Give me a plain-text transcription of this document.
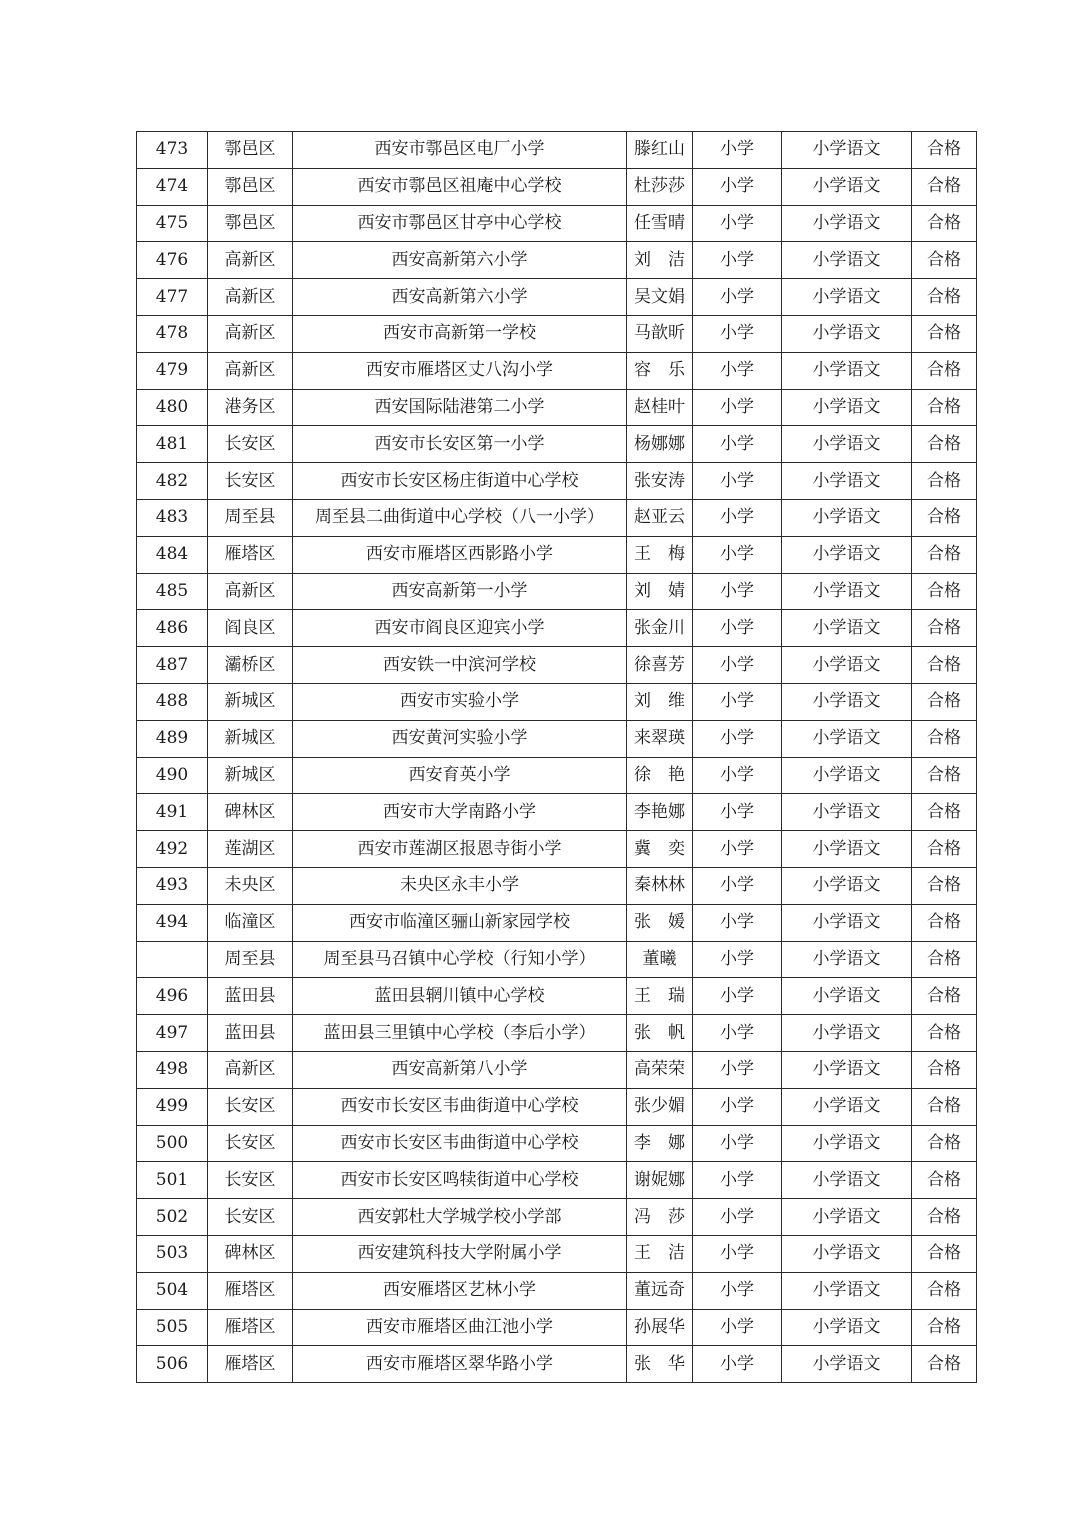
473	鄠邑区	西安市鄠邑区电厂小学	滕红山	小学	小学语文	合格
474	鄠邑区	西安市鄠邑区祖庵中心学校	杜莎莎	小学	小学语文	合格
475	鄠邑区	西安市鄠邑区甘亭中心学校	任雪晴	小学	小学语文	合格
476	高新区	西安高新第六小学	刘　洁	小学	小学语文	合格
477	高新区	西安高新第六小学	吴文娟	小学	小学语文	合格
478	高新区	西安市高新第一学校	马歆昕	小学	小学语文	合格
479	高新区	西安市雁塔区丈八沟小学	容　乐	小学	小学语文	合格
480	港务区	西安国际陆港第二小学	赵桂叶	小学	小学语文	合格
481	长安区	西安市长安区第一小学	杨娜娜	小学	小学语文	合格
482	长安区	西安市长安区杨庄街道中心学校	张安涛	小学	小学语文	合格
483	周至县	周至县二曲街道中心学校（八一小学）	赵亚云	小学	小学语文	合格
484	雁塔区	西安市雁塔区西影路小学	王　梅	小学	小学语文	合格
485	高新区	西安高新第一小学	刘　婧	小学	小学语文	合格
486	阎良区	西安市阎良区迎宾小学	张金川	小学	小学语文	合格
487	灞桥区	西安铁一中滨河学校	徐喜芳	小学	小学语文	合格
488	新城区	西安市实验小学	刘　维	小学	小学语文	合格
489	新城区	西安黄河实验小学	来翠瑛	小学	小学语文	合格
490	新城区	西安育英小学	徐　艳	小学	小学语文	合格
491	碑林区	西安市大学南路小学	李艳娜	小学	小学语文	合格
492	莲湖区	西安市莲湖区报恩寺街小学	冀　奕	小学	小学语文	合格
493	未央区	未央区永丰小学	秦林林	小学	小学语文	合格
494	临潼区	西安市临潼区骊山新家园学校	张　媛	小学	小学语文	合格
	周至县	周至县马召镇中心学校（行知小学）	董曦	小学	小学语文	合格
496	蓝田县	蓝田县辋川镇中心学校	王　瑞	小学	小学语文	合格
497	蓝田县	蓝田县三里镇中心学校（李后小学）	张　帆	小学	小学语文	合格
498	高新区	西安高新第八小学	高荣荣	小学	小学语文	合格
499	长安区	西安市长安区韦曲街道中心学校	张少媚	小学	小学语文	合格
500	长安区	西安市长安区韦曲街道中心学校	李　娜	小学	小学语文	合格
501	长安区	西安市长安区鸣犊街道中心学校	谢妮娜	小学	小学语文	合格
502	长安区	西安郭杜大学城学校小学部	冯　莎	小学	小学语文	合格
503	碑林区	西安建筑科技大学附属小学	王　洁	小学	小学语文	合格
504	雁塔区	西安雁塔区艺林小学	董远奇	小学	小学语文	合格
505	雁塔区	西安市雁塔区曲江池小学	孙展华	小学	小学语文	合格
506	雁塔区	西安市雁塔区翠华路小学	张　华	小学	小学语文	合格
